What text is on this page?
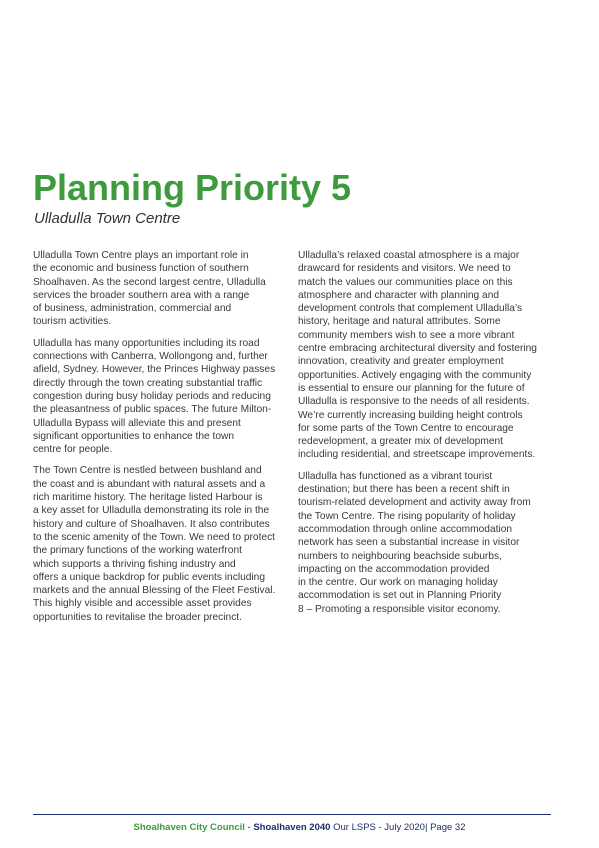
Planning Priority 5
Ulladulla Town Centre

Ulladulla Town Centre plays an important role in
the economic and business function of southern
Shoalhaven. As the second largest centre, Ulladulla
services the broader southern area with a range
of business, administration, commercial and
tourism activities.

Ulladulla has many opportunities including its road
connections with Canberra, Wollongong and, further
afield, Sydney. However, the Princes Highway passes
directly through the town creating substantial traffic
congestion during busy holiday periods and reducing
the pleasantness of public spaces. The future Milton-
Ulladulla Bypass will alleviate this and present
significant opportunities to enhance the town
centre for people.

The Town Centre is nestled between bushland and
the coast and is abundant with natural assets and a
rich maritime history. The heritage listed Harbour is
a key asset for Ulladulla demonstrating its role in the
history and culture of Shoalhaven. It also contributes
to the scenic amenity of the Town. We need to protect
the primary functions of the working waterfront
which supports a thriving fishing industry and
offers a unique backdrop for public events including
markets and the annual Blessing of the Fleet Festival.
This highly visible and accessible asset provides
opportunities to revitalise the broader precinct.

Ulladulla’s relaxed coastal atmosphere is a major
drawcard for residents and visitors. We need to
match the values our communities place on this
atmosphere and character with planning and
development controls that complement Ulladulla’s
history, heritage and natural attributes. Some
community members wish to see a more vibrant
centre embracing architectural diversity and fostering
innovation, creativity and greater employment
opportunities. Actively engaging with the community
is essential to ensure our planning for the future of
Ulladulla is responsive to the needs of all residents.
We’re currently increasing building height controls
for some parts of the Town Centre to encourage
redevelopment, a greater mix of development
including residential, and streetscape improvements.

Ulladulla has functioned as a vibrant tourist
destination; but there has been a recent shift in
tourism-related development and activity away from
the Town Centre. The rising popularity of holiday
accommodation through online accommodation
network has seen a substantial increase in visitor
numbers to neighbouring beachside suburbs,
impacting on the accommodation provided
in the centre. Our work on managing holiday
accommodation is set out in Planning Priority
8 – Promoting a responsible visitor economy.

Shoalhaven City Council - Shoalhaven 2040 Our LSPS - July 2020| Page 32
